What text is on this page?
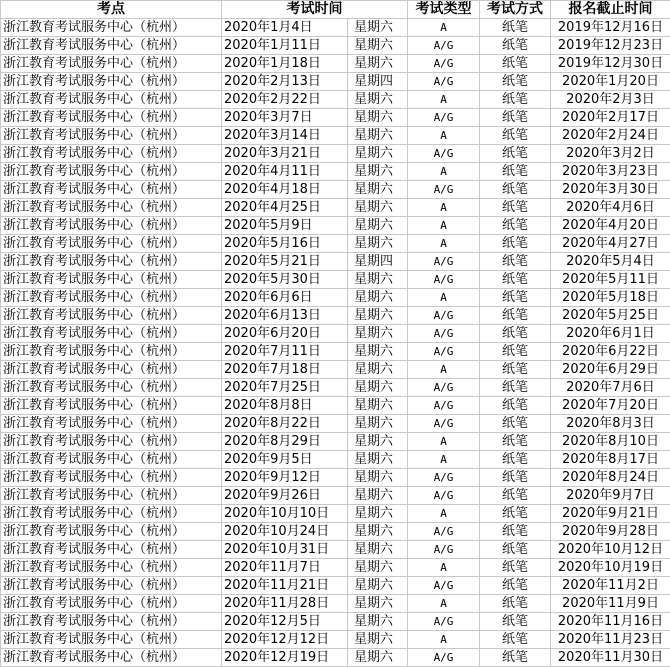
考点	考试时间		考试类型	考试方式	报名截止时间
浙江教育考试服务中心（杭州）	2020年1月4日	星期六	A	纸笔	2019年12月16日
浙江教育考试服务中心（杭州）	2020年1月11日	星期六	A/G	纸笔	2019年12月23日
浙江教育考试服务中心（杭州）	2020年1月18日	星期六	A/G	纸笔	2019年12月30日
浙江教育考试服务中心（杭州）	2020年2月13日	星期四	A/G	纸笔	2020年1月20日
浙江教育考试服务中心（杭州）	2020年2月22日	星期六	A	纸笔	2020年2月3日
浙江教育考试服务中心（杭州）	2020年3月7日	星期六	A/G	纸笔	2020年2月17日
浙江教育考试服务中心（杭州）	2020年3月14日	星期六	A	纸笔	2020年2月24日
浙江教育考试服务中心（杭州）	2020年3月21日	星期六	A/G	纸笔	2020年3月2日
浙江教育考试服务中心（杭州）	2020年4月11日	星期六	A	纸笔	2020年3月23日
浙江教育考试服务中心（杭州）	2020年4月18日	星期六	A/G	纸笔	2020年3月30日
浙江教育考试服务中心（杭州）	2020年4月25日	星期六	A	纸笔	2020年4月6日
浙江教育考试服务中心（杭州）	2020年5月9日	星期六	A	纸笔	2020年4月20日
浙江教育考试服务中心（杭州）	2020年5月16日	星期六	A	纸笔	2020年4月27日
浙江教育考试服务中心（杭州）	2020年5月21日	星期四	A/G	纸笔	2020年5月4日
浙江教育考试服务中心（杭州）	2020年5月30日	星期六	A/G	纸笔	2020年5月11日
浙江教育考试服务中心（杭州）	2020年6月6日	星期六	A	纸笔	2020年5月18日
浙江教育考试服务中心（杭州）	2020年6月13日	星期六	A/G	纸笔	2020年5月25日
浙江教育考试服务中心（杭州）	2020年6月20日	星期六	A/G	纸笔	2020年6月1日
浙江教育考试服务中心（杭州）	2020年7月11日	星期六	A/G	纸笔	2020年6月22日
浙江教育考试服务中心（杭州）	2020年7月18日	星期六	A	纸笔	2020年6月29日
浙江教育考试服务中心（杭州）	2020年7月25日	星期六	A/G	纸笔	2020年7月6日
浙江教育考试服务中心（杭州）	2020年8月8日	星期六	A/G	纸笔	2020年7月20日
浙江教育考试服务中心（杭州）	2020年8月22日	星期六	A/G	纸笔	2020年8月3日
浙江教育考试服务中心（杭州）	2020年8月29日	星期六	A	纸笔	2020年8月10日
浙江教育考试服务中心（杭州）	2020年9月5日	星期六	A	纸笔	2020年8月17日
浙江教育考试服务中心（杭州）	2020年9月12日	星期六	A/G	纸笔	2020年8月24日
浙江教育考试服务中心（杭州）	2020年9月26日	星期六	A/G	纸笔	2020年9月7日
浙江教育考试服务中心（杭州）	2020年10月10日	星期六	A	纸笔	2020年9月21日
浙江教育考试服务中心（杭州）	2020年10月24日	星期六	A/G	纸笔	2020年9月28日
浙江教育考试服务中心（杭州）	2020年10月31日	星期六	A/G	纸笔	2020年10月12日
浙江教育考试服务中心（杭州）	2020年11月7日	星期六	A	纸笔	2020年10月19日
浙江教育考试服务中心（杭州）	2020年11月21日	星期六	A/G	纸笔	2020年11月2日
浙江教育考试服务中心（杭州）	2020年11月28日	星期六	A	纸笔	2020年11月9日
浙江教育考试服务中心（杭州）	2020年12月5日	星期六	A/G	纸笔	2020年11月16日
浙江教育考试服务中心（杭州）	2020年12月12日	星期六	A	纸笔	2020年11月23日
浙江教育考试服务中心（杭州）	2020年12月19日	星期六	A/G	纸笔	2020年11月30日
